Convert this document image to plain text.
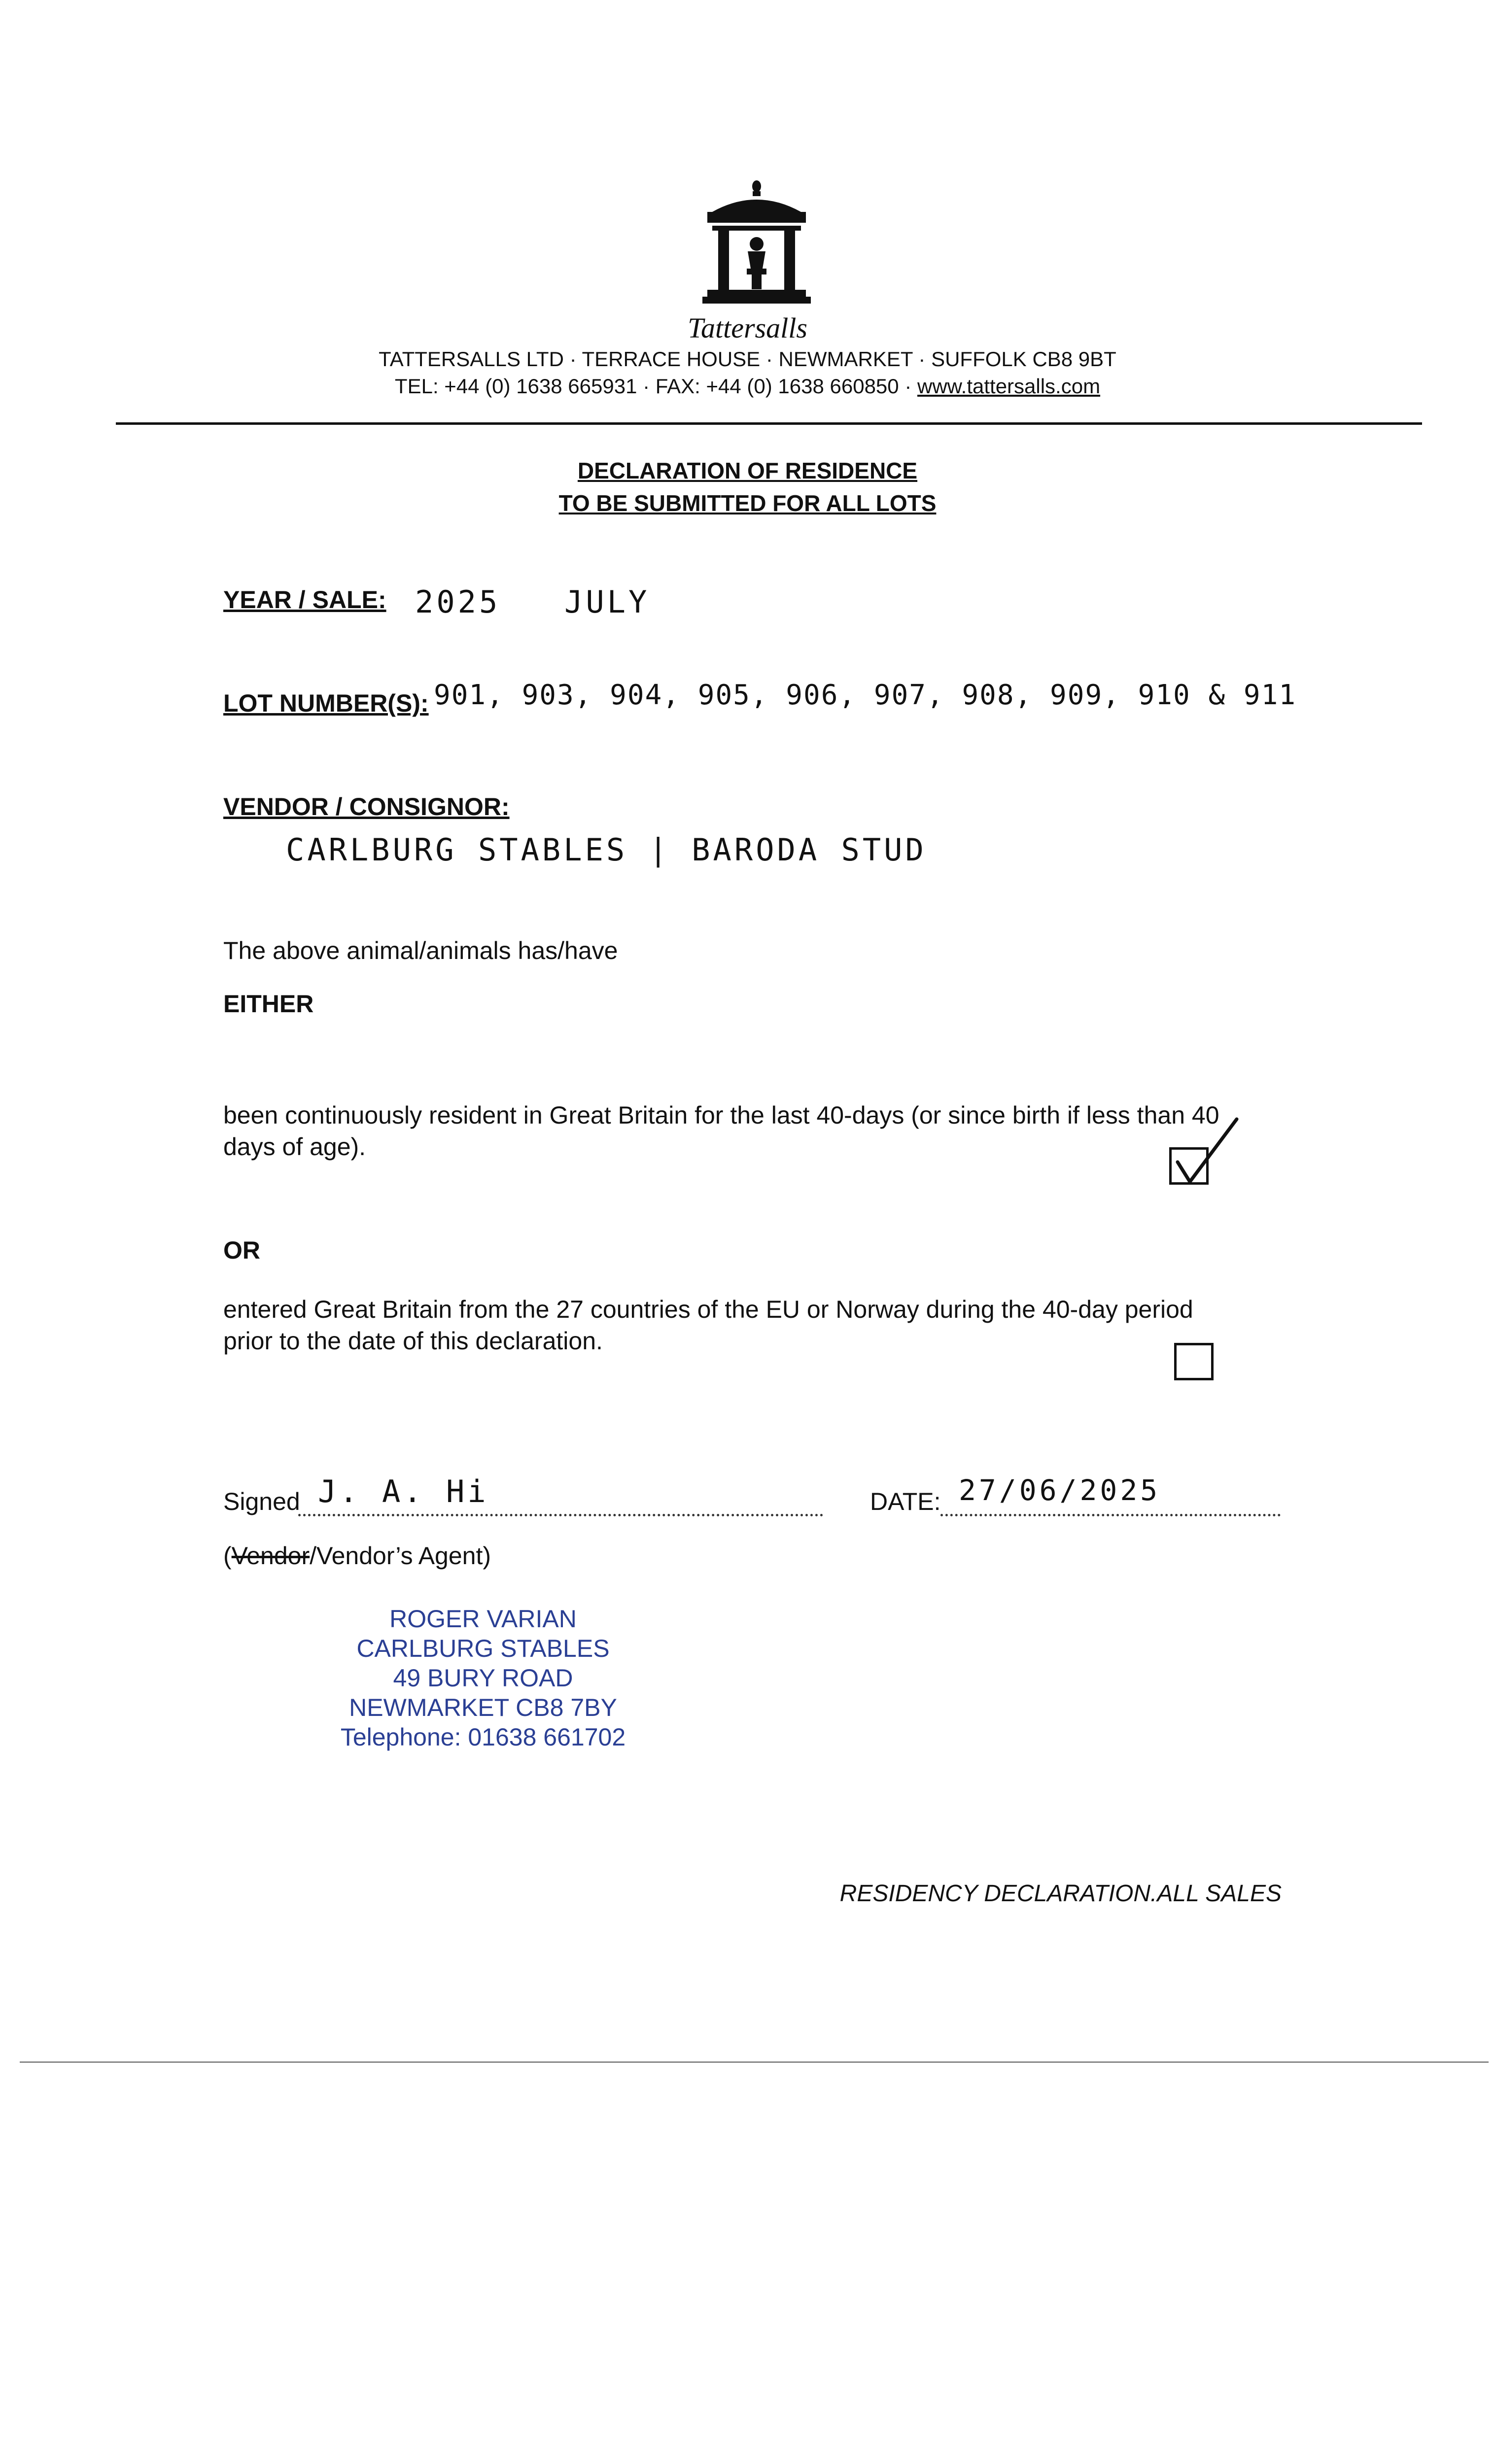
Tattersalls
TATTERSALLS LTD · TERRACE HOUSE · NEWMARKET · SUFFOLK CB8 9BT
TEL: +44 (0) 1638 665931 · FAX: +44 (0) 1638 660850 · www.tattersalls.com
DECLARATION OF RESIDENCE
TO BE SUBMITTED FOR ALL LOTS
YEAR / SALE: 2025 JULY
LOT NUMBER(S): 901, 903, 904, 905, 906, 907, 908, 909, 910 & 911
VENDOR / CONSIGNOR:
CARLBURG STABLES | BARODA STUD
The above animal/animals has/have
EITHER
been continuously resident in Great Britain for the last 40-days (or since birth if less than 40
days of age).
OR
entered Great Britain from the 27 countries of the EU or Norway during the 40-day period
prior to the date of this declaration.
Signed J. A. Hi	DATE: 27/06/2025
(Vendor/Vendor’s Agent)
ROGER VARIAN
CARLBURG STABLES
49 BURY ROAD
NEWMARKET CB8 7BY
Telephone: 01638 661702
RESIDENCY DECLARATION.ALL SALES
